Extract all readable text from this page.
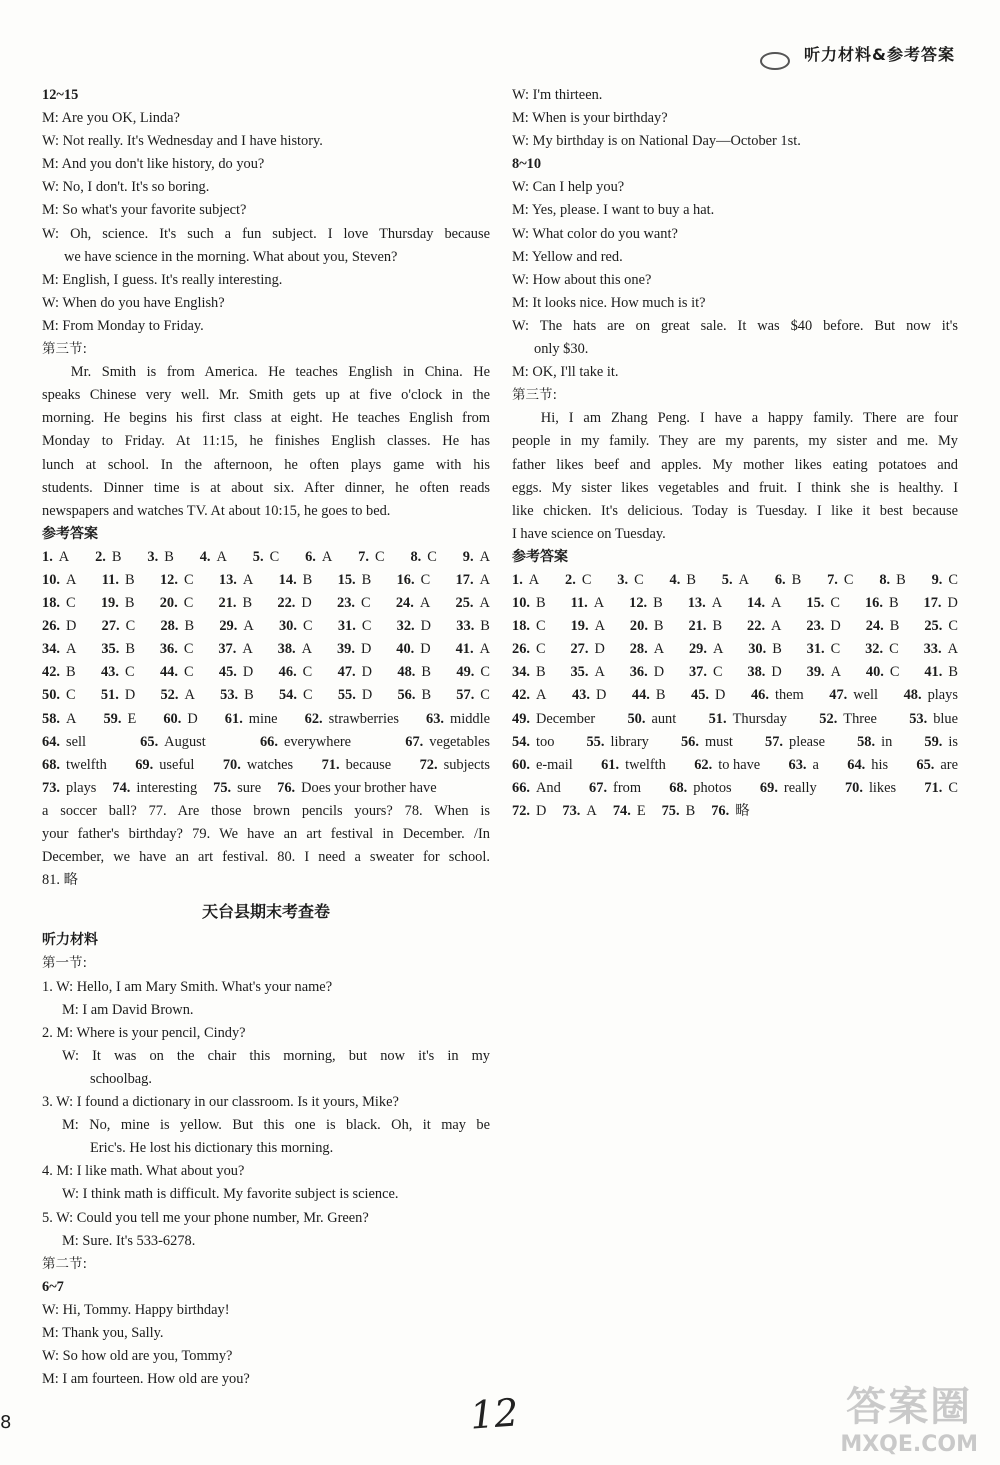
听力材料&参考答案
12~15
M: Are you OK, Linda?
W: Not really. It's Wednesday and I have history.
M: And you don't like history, do you?
W: No, I don't. It's so boring.
M: So what's your favorite subject?
W: Oh, science. It's such a fun subject. I love Thursday because
we have science in the morning. What about you, Steven?
M: English, I guess. It's really interesting.
W: When do you have English?
M: From Monday to Friday.
第三节:
Mr. Smith is from America. He teaches English in China. He
speaks Chinese very well. Mr. Smith gets up at five o'clock in the
morning. He begins his first class at eight. He teaches English from
Monday to Friday. At 11:15, he finishes English classes. He has
lunch at school. In the afternoon, he often plays game with his
students. Dinner time is at about six. After dinner, he often reads
newspapers and watches TV. At about 10:15, he goes to bed.
参考答案
1. A 2. B 3. B 4. A 5. C 6. A 7. C 8. C 9. A
10. A 11. B 12. C 13. A 14. B 15. B 16. C 17. A
18. C 19. B 20. C 21. B 22. D 23. C 24. A 25. A
26. D 27. C 28. B 29. A 30. C 31. C 32. D 33. B
34. A 35. B 36. C 37. A 38. A 39. D 40. D 41. A
42. B 43. C 44. C 45. D 46. C 47. D 48. B 49. C
50. C 51. D 52. A 53. B 54. C 55. D 56. B 57. C
58. A 59. E 60. D 61. mine 62. strawberries 63. middle
64. sell	65. August	66. everywhere	67. vegetables
68. twelfth 69. useful 70. watches 71. because 72. subjects
73. plays 74. interesting 75. sure 76. Does your brother have
a soccer ball? 77. Are those brown pencils yours? 78. When is
your father's birthday? 79. We have an art festival in December. /In
December, we have an art festival. 80. I need a sweater for school.
81. 略
天台县期末考查卷
听力材料
第一节:
1. W: Hello, I am Mary Smith. What's your name?
M: I am David Brown.
2. M: Where is your pencil, Cindy?
W: It was on the chair this morning, but now it's in my
schoolbag.
3. W: I found a dictionary in our classroom. Is it yours, Mike?
M: No, mine is yellow. But this one is black. Oh, it may be
Eric's. He lost his dictionary this morning.
4. M: I like math. What about you?
W: I think math is difficult. My favorite subject is science.
5. W: Could you tell me your phone number, Mr. Green?
M: Sure. It's 533-6278.
第二节:
6~7
W: Hi, Tommy. Happy birthday!
M: Thank you, Sally.
W: So how old are you, Tommy?
M: I am fourteen. How old are you?
W: I'm thirteen.
M: When is your birthday?
W: My birthday is on National Day—October 1st.
8~10
W: Can I help you?
M: Yes, please. I want to buy a hat.
W: What color do you want?
M: Yellow and red.
W: How about this one?
M: It looks nice. How much is it?
W: The hats are on great sale. It was $40 before. But now it's
only $30.
M: OK, I'll take it.
第三节:
Hi, I am Zhang Peng. I have a happy family. There are four
people in my family. They are my parents, my sister and me. My
father likes beef and apples. My mother likes eating potatoes and
eggs. My sister likes vegetables and fruit. I think she is healthy. I
like chicken. It's delicious. Today is Tuesday. I like it best because
I have science on Tuesday.
参考答案
1. A 2. C 3. C 4. B 5. A 6. B 7. C 8. B 9. C
10. B 11. A 12. B 13. A 14. A 15. C 16. B 17. D
18. C 19. A 20. B 21. B 22. A 23. D 24. B 25. C
26. C 27. D 28. A 29. A 30. B 31. C 32. C 33. A
34. B 35. A 36. D 37. C 38. D 39. A 40. C 41. B
42. A 43. D 44. B 45. D 46. them 47. well 48. plays
49. December 50. aunt 51. Thursday 52. Three 53. blue
54. too 55. library 56. must 57. please 58. in 59. is
60. e-mail 61. twelfth 62. to have 63. a 64. his 65. are
66. And 67. from 68. photos 69. really 70. likes 71. C
72. D 73. A 74. E 75. B 76. 略
8	12	答案圈
MXQE.COM
